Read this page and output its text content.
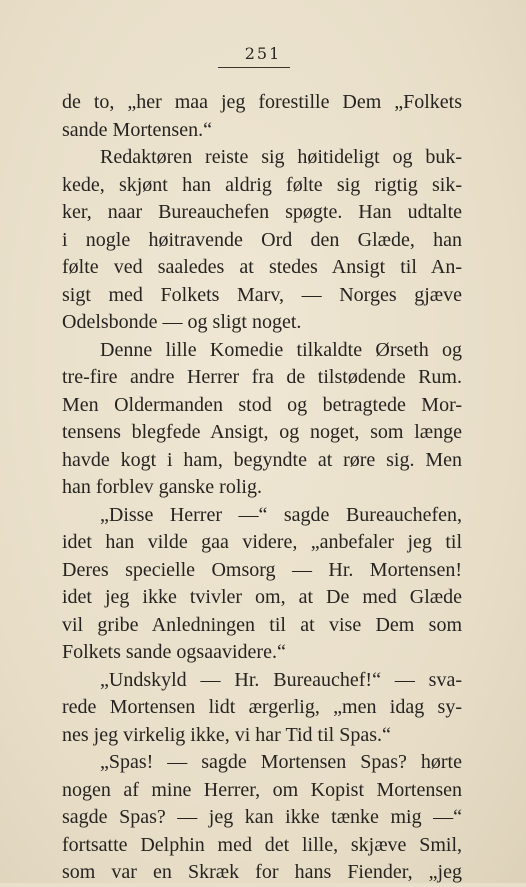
251
de to, „her maa jeg forestille Dem „Folkets
sande Mortensen.“
Redaktøren reiste sig høitideligt og buk-
kede, skjønt han aldrig følte sig rigtig sik-
ker, naar Bureauchefen spøgte. Han udtalte
i nogle høitravende Ord den Glæde, han
følte ved saaledes at stedes Ansigt til An-
sigt med Folkets Marv, — Norges gjæve
Odelsbonde — og sligt noget.
Denne lille Komedie tilkaldte Ørseth og
tre-fire andre Herrer fra de tilstødende Rum.
Men Oldermanden stod og betragtede Mor-
tensens blegfede Ansigt, og noget, som længe
havde kogt i ham, begyndte at røre sig. Men
han forblev ganske rolig.
„Disse Herrer —“ sagde Bureauchefen,
idet han vilde gaa videre, „anbefaler jeg til
Deres specielle Omsorg — Hr. Mortensen!
idet jeg ikke tvivler om, at De med Glæde
vil gribe Anledningen til at vise Dem som
Folkets sande ogsaavidere.“
„Undskyld — Hr. Bureauchef!“ — sva-
rede Mortensen lidt ærgerlig, „men idag sy-
nes jeg virkelig ikke, vi har Tid til Spas.“
„Spas! — sagde Mortensen Spas? hørte
nogen af mine Herrer, om Kopist Mortensen
sagde Spas? — jeg kan ikke tænke mig —“
fortsatte Delphin med det lille, skjæve Smil,
som var en Skræk for hans Fiender, „jeg
